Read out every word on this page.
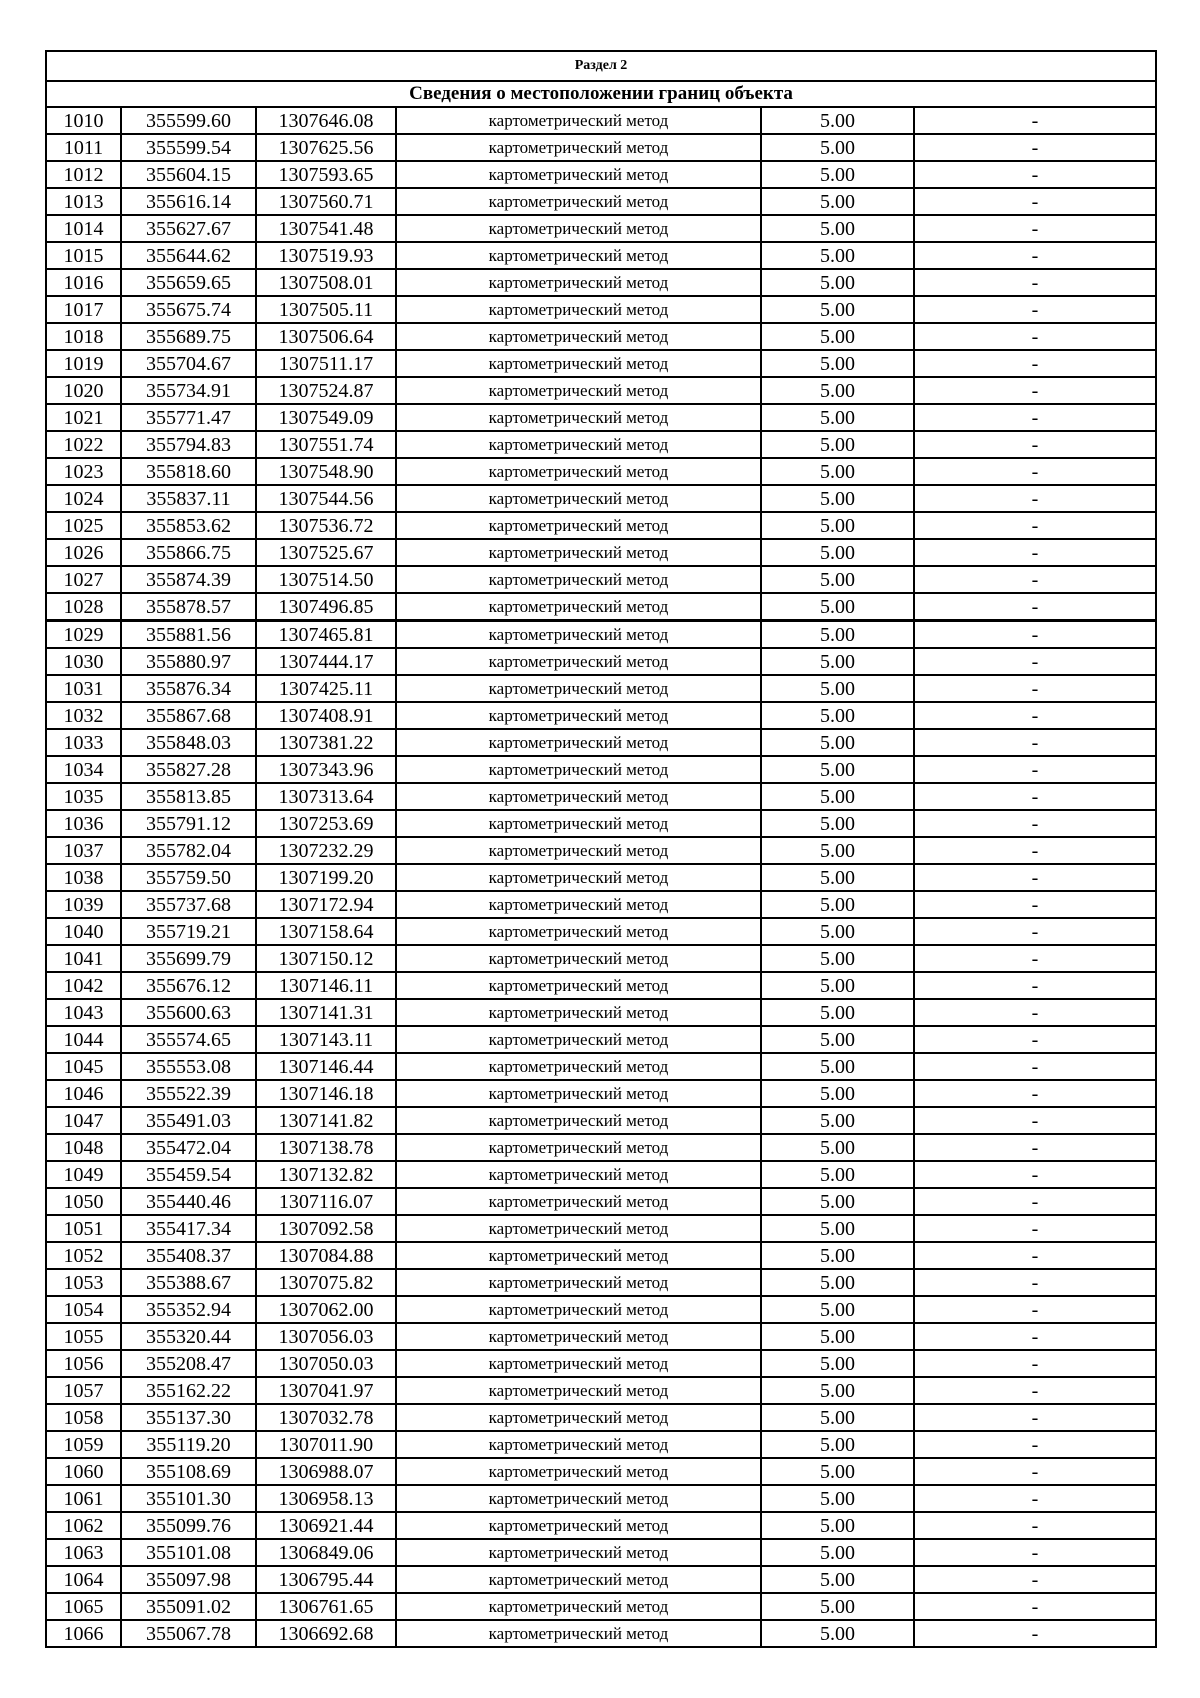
Раздел 2					
Сведения о местоположении границ объекта					
1010	355599.60	1307646.08	картометрический метод	5.00	-
1011	355599.54	1307625.56	картометрический метод	5.00	-
1012	355604.15	1307593.65	картометрический метод	5.00	-
1013	355616.14	1307560.71	картометрический метод	5.00	-
1014	355627.67	1307541.48	картометрический метод	5.00	-
1015	355644.62	1307519.93	картометрический метод	5.00	-
1016	355659.65	1307508.01	картометрический метод	5.00	-
1017	355675.74	1307505.11	картометрический метод	5.00	-
1018	355689.75	1307506.64	картометрический метод	5.00	-
1019	355704.67	1307511.17	картометрический метод	5.00	-
1020	355734.91	1307524.87	картометрический метод	5.00	-
1021	355771.47	1307549.09	картометрический метод	5.00	-
1022	355794.83	1307551.74	картометрический метод	5.00	-
1023	355818.60	1307548.90	картометрический метод	5.00	-
1024	355837.11	1307544.56	картометрический метод	5.00	-
1025	355853.62	1307536.72	картометрический метод	5.00	-
1026	355866.75	1307525.67	картометрический метод	5.00	-
1027	355874.39	1307514.50	картометрический метод	5.00	-
1028	355878.57	1307496.85	картометрический метод	5.00	-
1029	355881.56	1307465.81	картометрический метод	5.00	-
1030	355880.97	1307444.17	картометрический метод	5.00	-
1031	355876.34	1307425.11	картометрический метод	5.00	-
1032	355867.68	1307408.91	картометрический метод	5.00	-
1033	355848.03	1307381.22	картометрический метод	5.00	-
1034	355827.28	1307343.96	картометрический метод	5.00	-
1035	355813.85	1307313.64	картометрический метод	5.00	-
1036	355791.12	1307253.69	картометрический метод	5.00	-
1037	355782.04	1307232.29	картометрический метод	5.00	-
1038	355759.50	1307199.20	картометрический метод	5.00	-
1039	355737.68	1307172.94	картометрический метод	5.00	-
1040	355719.21	1307158.64	картометрический метод	5.00	-
1041	355699.79	1307150.12	картометрический метод	5.00	-
1042	355676.12	1307146.11	картометрический метод	5.00	-
1043	355600.63	1307141.31	картометрический метод	5.00	-
1044	355574.65	1307143.11	картометрический метод	5.00	-
1045	355553.08	1307146.44	картометрический метод	5.00	-
1046	355522.39	1307146.18	картометрический метод	5.00	-
1047	355491.03	1307141.82	картометрический метод	5.00	-
1048	355472.04	1307138.78	картометрический метод	5.00	-
1049	355459.54	1307132.82	картометрический метод	5.00	-
1050	355440.46	1307116.07	картометрический метод	5.00	-
1051	355417.34	1307092.58	картометрический метод	5.00	-
1052	355408.37	1307084.88	картометрический метод	5.00	-
1053	355388.67	1307075.82	картометрический метод	5.00	-
1054	355352.94	1307062.00	картометрический метод	5.00	-
1055	355320.44	1307056.03	картометрический метод	5.00	-
1056	355208.47	1307050.03	картометрический метод	5.00	-
1057	355162.22	1307041.97	картометрический метод	5.00	-
1058	355137.30	1307032.78	картометрический метод	5.00	-
1059	355119.20	1307011.90	картометрический метод	5.00	-
1060	355108.69	1306988.07	картометрический метод	5.00	-
1061	355101.30	1306958.13	картометрический метод	5.00	-
1062	355099.76	1306921.44	картометрический метод	5.00	-
1063	355101.08	1306849.06	картометрический метод	5.00	-
1064	355097.98	1306795.44	картометрический метод	5.00	-
1065	355091.02	1306761.65	картометрический метод	5.00	-
1066	355067.78	1306692.68	картометрический метод	5.00	-
